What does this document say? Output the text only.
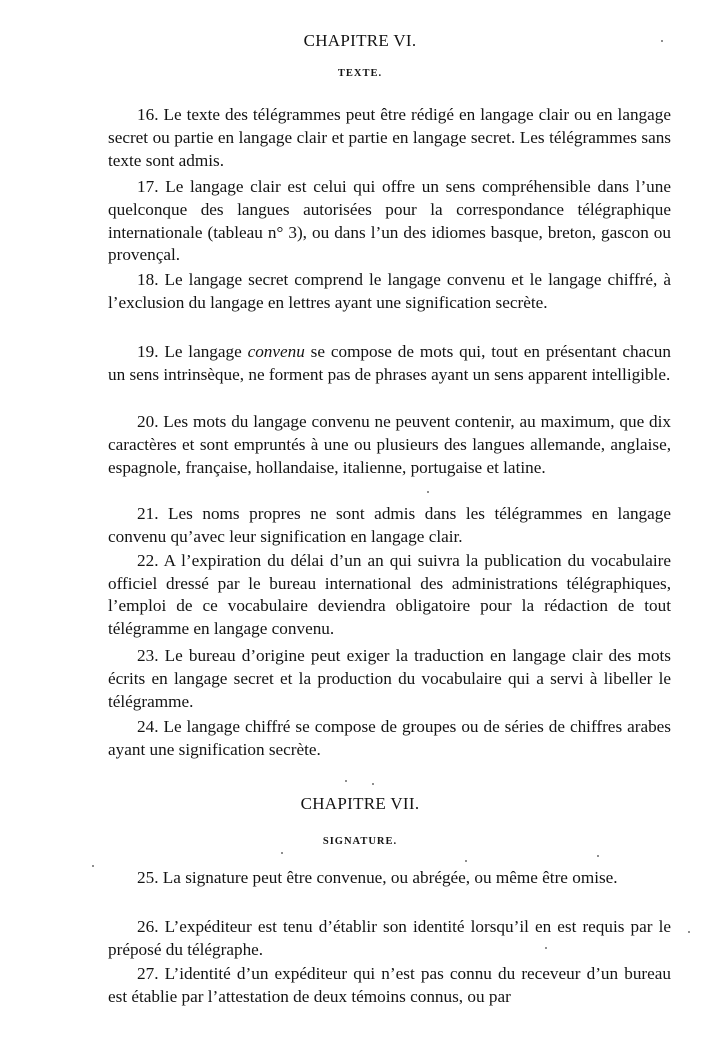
CHAPITRE VI.
TEXTE.

16. Le texte des télégrammes peut être rédigé en langage clair ou en langage secret ou partie en langage clair et partie en langage secret. Les télégrammes sans texte sont admis.

17. Le langage clair est celui qui offre un sens compréhensible dans l’une quelconque des langues autorisées pour la correspondance télégraphique internationale (tableau n° 3), ou dans l’un des idiomes basque, breton, gascon ou provençal.

18. Le langage secret comprend le langage convenu et le langage chiffré, à l’exclusion du langage en lettres ayant une signification secrète.

19. Le langage convenu se compose de mots qui, tout en présentant chacun un sens intrinsèque, ne forment pas de phrases ayant un sens apparent intelligible.

20. Les mots du langage convenu ne peuvent contenir, au maximum, que dix caractères et sont empruntés à une ou plusieurs des langues allemande, anglaise, espagnole, française, hollandaise, italienne, portugaise et latine.

21. Les noms propres ne sont admis dans les télégrammes en langage convenu qu’avec leur signification en langage clair.

22. A l’expiration du délai d’un an qui suivra la publication du vocabulaire officiel dressé par le bureau international des administrations télégraphiques, l’emploi de ce vocabulaire deviendra obligatoire pour la rédaction de tout télégramme en langage convenu.

23. Le bureau d’origine peut exiger la traduction en langage clair des mots écrits en langage secret et la production du vocabulaire qui a servi à libeller le télégramme.

24. Le langage chiffré se compose de groupes ou de séries de chiffres arabes ayant une signification secrète.

CHAPITRE VII.
SIGNATURE.

25. La signature peut être convenue, ou abrégée, ou même être omise.

26. L’expéditeur est tenu d’établir son identité lorsqu’il en est requis par le préposé du télégraphe.

27. L’identité d’un expéditeur qui n’est pas connu du receveur d’un bureau est établie par l’attestation de deux témoins connus, ou par
